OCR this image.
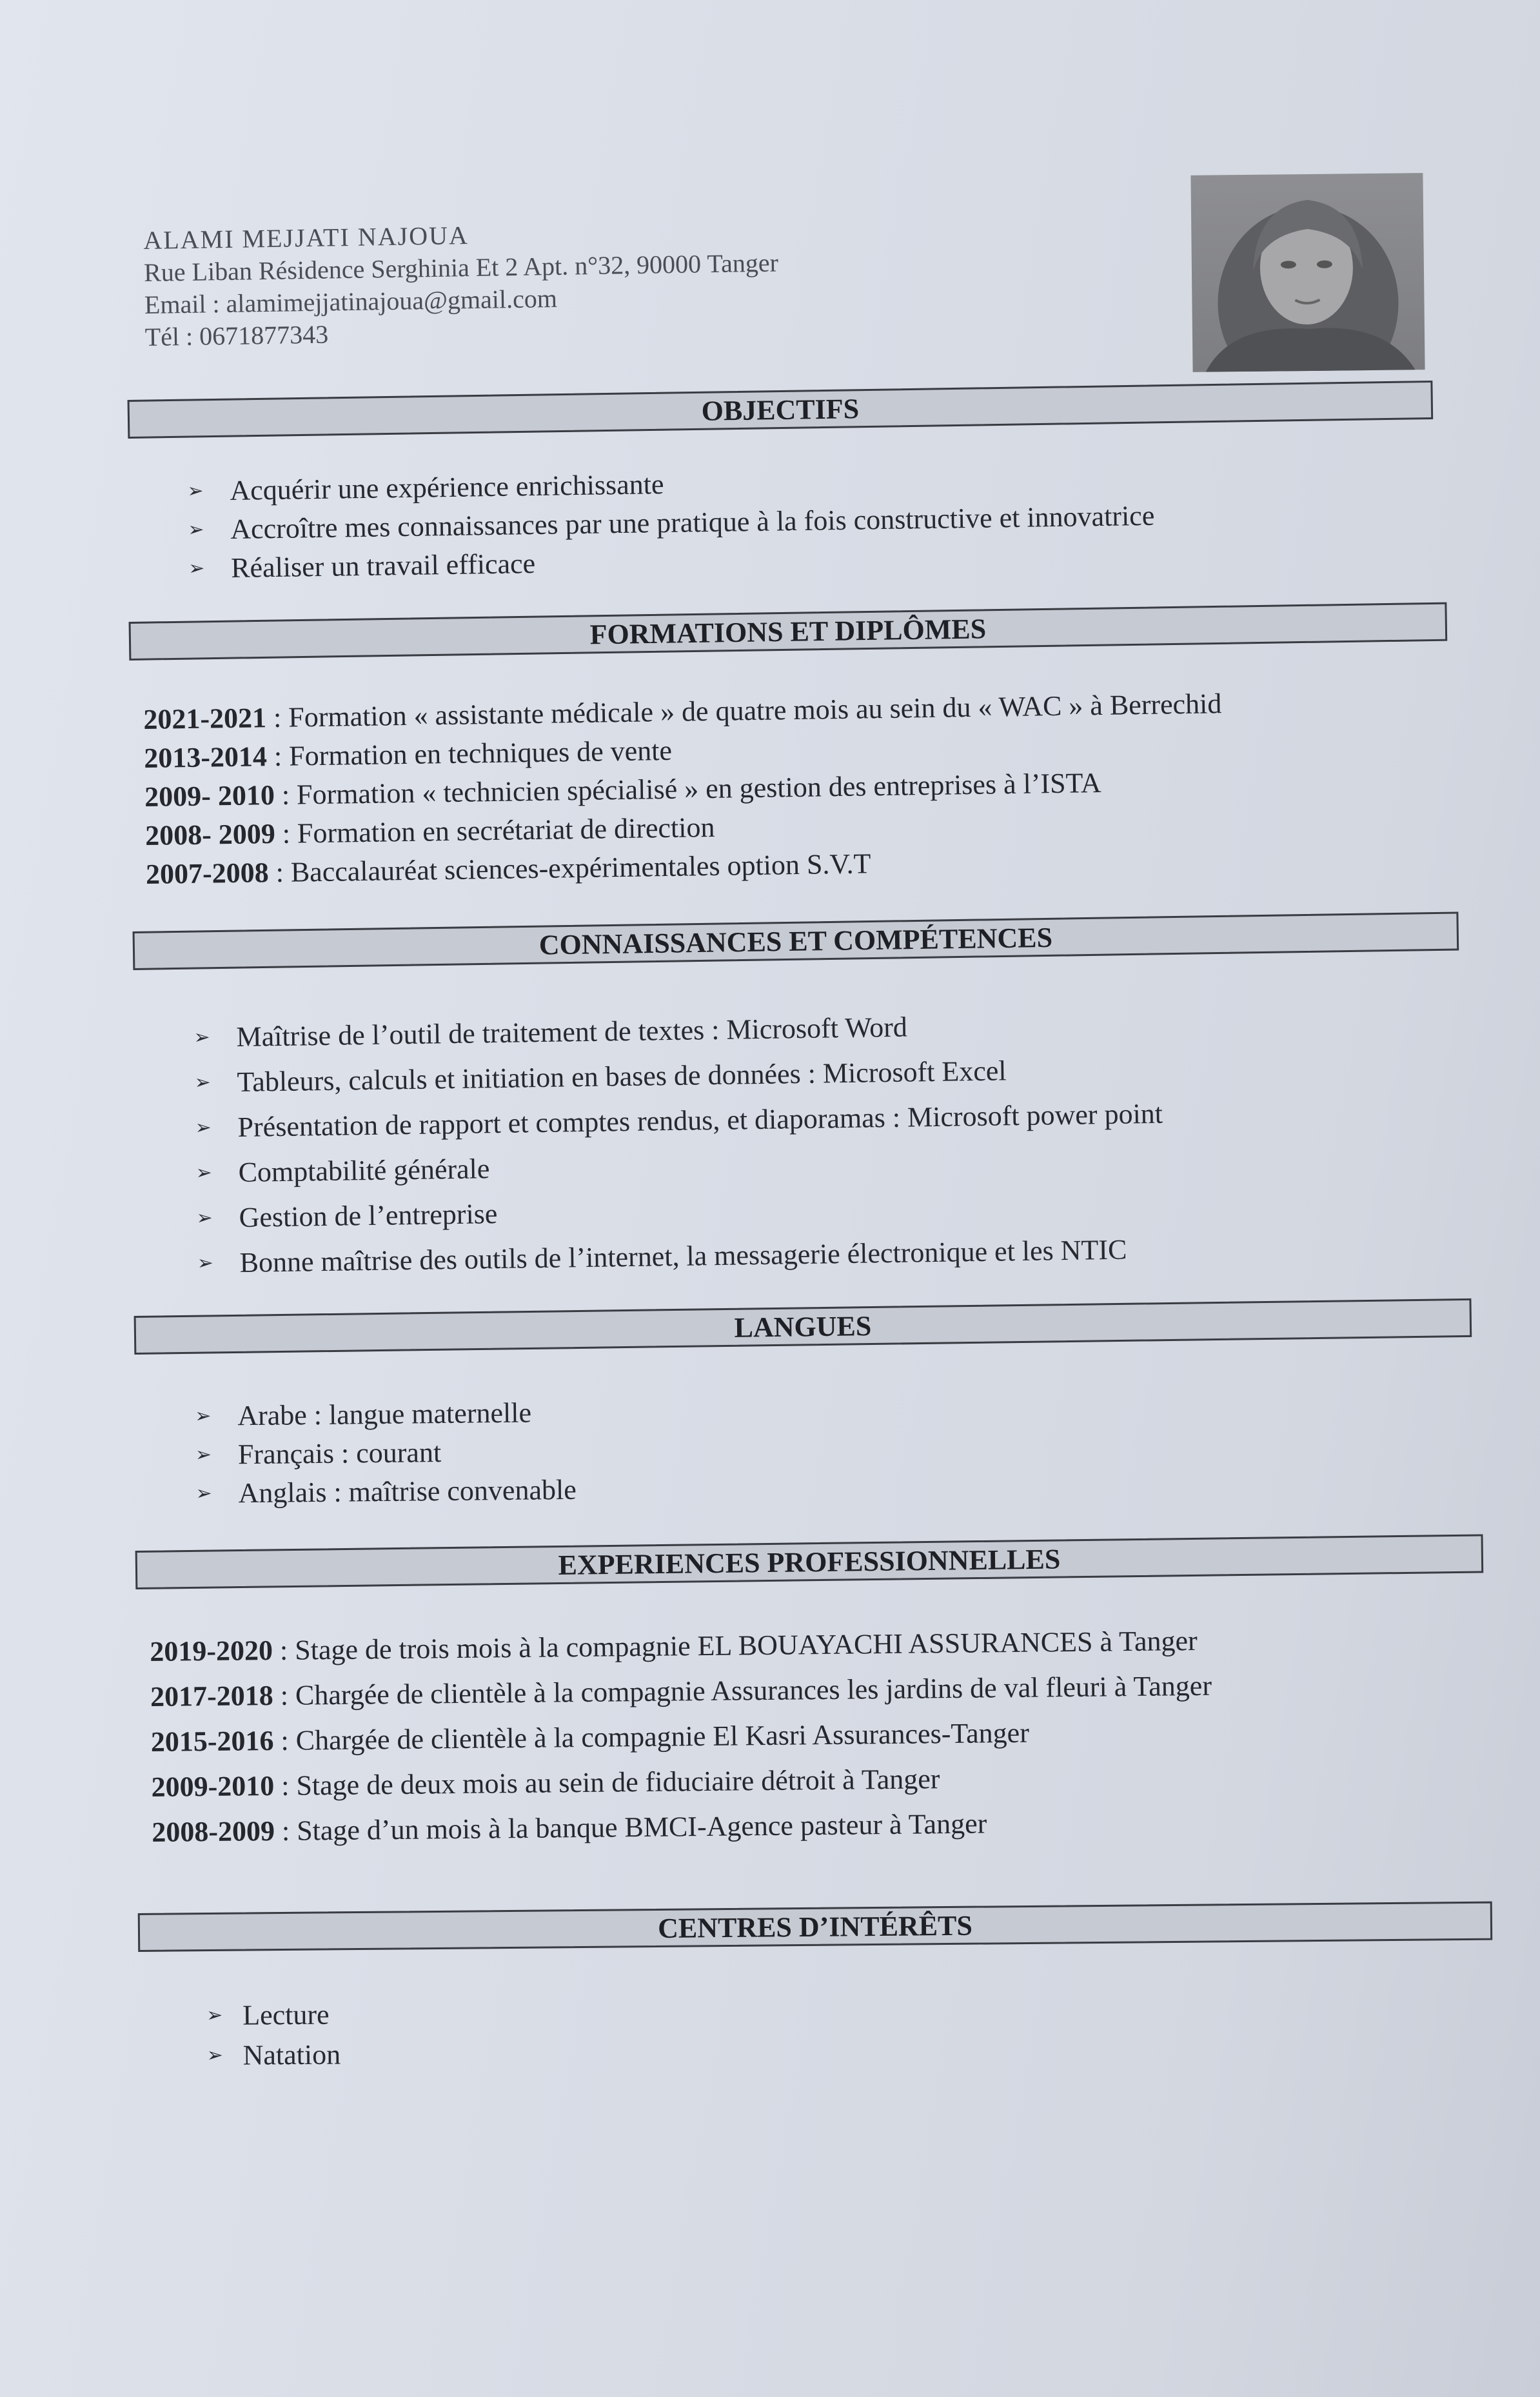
ALAMI MEJJATI NAJOUA
Rue Liban Résidence Serghinia Et 2 Apt. n°32, 90000 Tanger
Email : alamimejjatinajoua@gmail.com
Tél : 0671877343
OBJECTIFS
➢ Acquérir une expérience enrichissante
➢ Accroître mes connaissances par une pratique à la fois constructive et innovatrice
➢ Réaliser un travail efficace
FORMATIONS ET DIPLÔMES
2021-2021 : Formation « assistante médicale » de quatre mois au sein du « WAC » à Berrechid
2013-2014 : Formation en techniques de vente
2009- 2010 : Formation « technicien spécialisé » en gestion des entreprises à l’ISTA
2008- 2009 : Formation en secrétariat de direction
2007-2008 : Baccalauréat sciences-expérimentales option S.V.T
CONNAISSANCES ET COMPÉTENCES
➢ Maîtrise de l’outil de traitement de textes : Microsoft Word
➢ Tableurs, calculs et initiation en bases de données : Microsoft Excel
➢ Présentation de rapport et comptes rendus, et diaporamas : Microsoft power point
➢ Comptabilité générale
➢ Gestion de l’entreprise
➢ Bonne maîtrise des outils de l’internet, la messagerie électronique et les NTIC
LANGUES
➢ Arabe : langue maternelle
➢ Français : courant
➢ Anglais : maîtrise convenable
EXPERIENCES PROFESSIONNELLES
2019-2020 : Stage de trois mois à la compagnie EL BOUAYACHI ASSURANCES à Tanger
2017-2018 : Chargée de clientèle à la compagnie Assurances les jardins de val fleuri à Tanger
2015-2016 : Chargée de clientèle à la compagnie El Kasri Assurances-Tanger
2009-2010 : Stage de deux mois au sein de fiduciaire détroit à Tanger
2008-2009 : Stage d’un mois à la banque BMCI-Agence pasteur à Tanger
CENTRES D’INTÉRÊTS
➢ Lecture
➢ Natation
